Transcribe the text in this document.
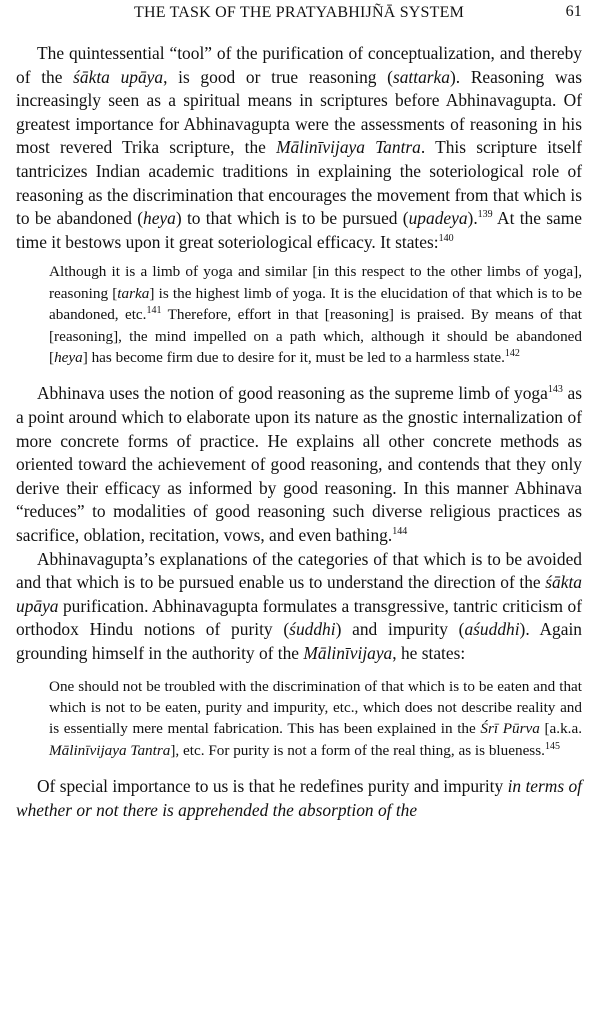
THE TASK OF THE PRATYABHIJÑĀ SYSTEM	61

The quintessential “tool” of the purification of conceptualization, and thereby of the śākta upāya, is good or true reasoning (sattarka). Reasoning was increasingly seen as a spiritual means in scriptures before Abhinavagupta. Of greatest importance for Abhinavagupta were the assessments of reasoning in his most revered Trika scripture, the Mālinīvijaya Tantra. This scripture itself tantricizes Indian academic traditions in explaining the soteriological role of reasoning as the discrimination that encourages the movement from that which is to be abandoned (heya) to that which is to be pursued (upadeya).$^{139}$ At the same time it bestows upon it great soteriological efficacy. It states:$^{140}$

Although it is a limb of yoga and similar [in this respect to the other limbs of yoga], reasoning [tarka] is the highest limb of yoga. It is the elucidation of that which is to be abandoned, etc.$^{141}$ Therefore, effort in that [reasoning] is praised. By means of that [reasoning], the mind impelled on a path which, although it should be abandoned [heya] has become firm due to desire for it, must be led to a harmless state.$^{142}$

Abhinava uses the notion of good reasoning as the supreme limb of yoga$^{143}$ as a point around which to elaborate upon its nature as the gnostic internalization of more concrete forms of practice. He explains all other concrete methods as oriented toward the achievement of good reasoning, and contends that they only derive their efficacy as informed by good reasoning. In this manner Abhinava “reduces” to modalities of good reasoning such diverse religious practices as sacrifice, oblation, recitation, vows, and even bathing.$^{144}$

Abhinavagupta’s explanations of the categories of that which is to be avoided and that which is to be pursued enable us to understand the direction of the śākta upāya purification. Abhinavagupta formulates a transgressive, tantric criticism of orthodox Hindu notions of purity (śuddhi) and impurity (aśuddhi). Again grounding himself in the authority of the Mālinīvijaya, he states:

One should not be troubled with the discrimination of that which is to be eaten and that which is not to be eaten, purity and impurity, etc., which does not describe reality and is essentially mere mental fabrication. This has been explained in the Śrī Pūrva [a.k.a. Mālinīvijaya Tantra], etc. For purity is not a form of the real thing, as is blueness.$^{145}$

Of special importance to us is that he redefines purity and impurity in terms of whether or not there is apprehended the absorption of the
